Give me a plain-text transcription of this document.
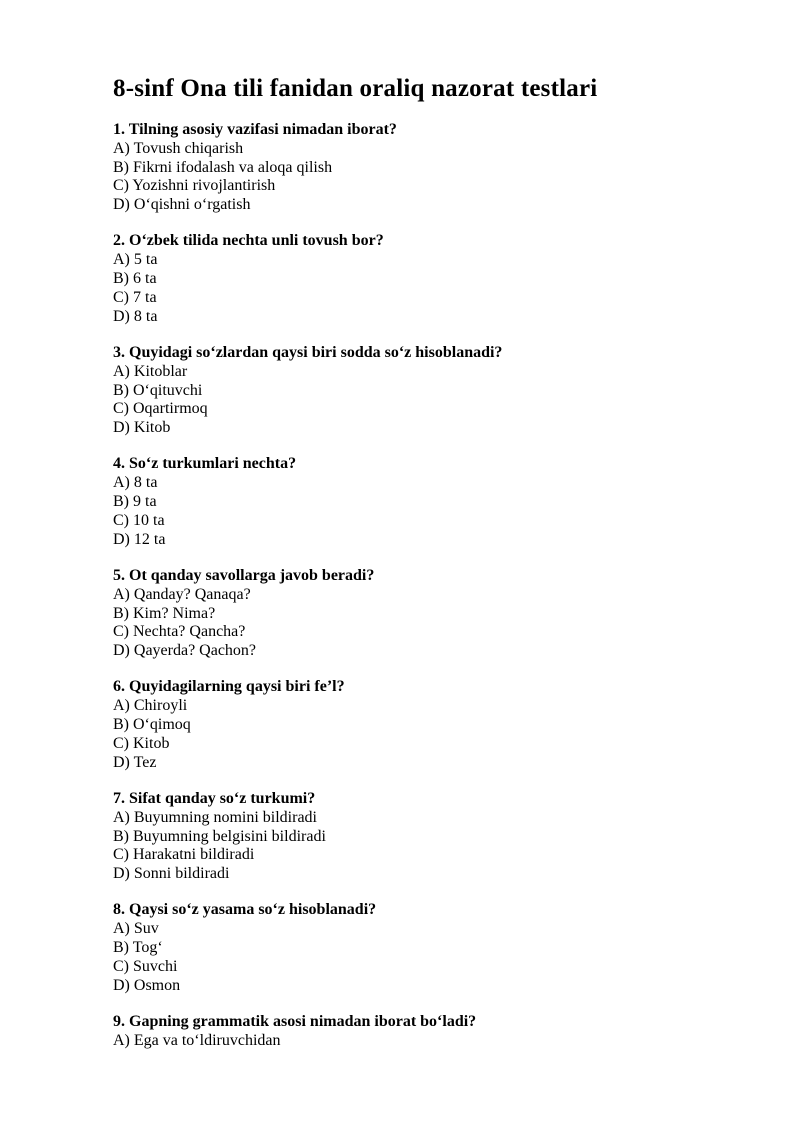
8-sinf Ona tili fanidan oraliq nazorat testlari

1. Tilning asosiy vazifasi nimadan iborat?

A) Tovush chiqarish

B) Fikrni ifodalash va aloqa qilish

C) Yozishni rivojlantirish

D) O‘qishni o‘rgatish

2. O‘zbek tilida nechta unli tovush bor?

A) 5 ta

B) 6 ta

C) 7 ta

D) 8 ta

3. Quyidagi so‘zlardan qaysi biri sodda so‘z hisoblanadi?

A) Kitoblar

B) O‘qituvchi

C) Oqartirmoq

D) Kitob

4. So‘z turkumlari nechta?

A) 8 ta

B) 9 ta

C) 10 ta

D) 12 ta

5. Ot qanday savollarga javob beradi?

A) Qanday? Qanaqa?

B) Kim? Nima?

C) Nechta? Qancha?

D) Qayerda? Qachon?

6. Quyidagilarning qaysi biri fe’l?

A) Chiroyli

B) O‘qimoq

C) Kitob

D) Tez

7. Sifat qanday so‘z turkumi?

A) Buyumning nomini bildiradi

B) Buyumning belgisini bildiradi

C) Harakatni bildiradi

D) Sonni bildiradi

8. Qaysi so‘z yasama so‘z hisoblanadi?

A) Suv

B) Tog‘

C) Suvchi

D) Osmon

9. Gapning grammatik asosi nimadan iborat bo‘ladi?

A) Ega va to‘ldiruvchidan
